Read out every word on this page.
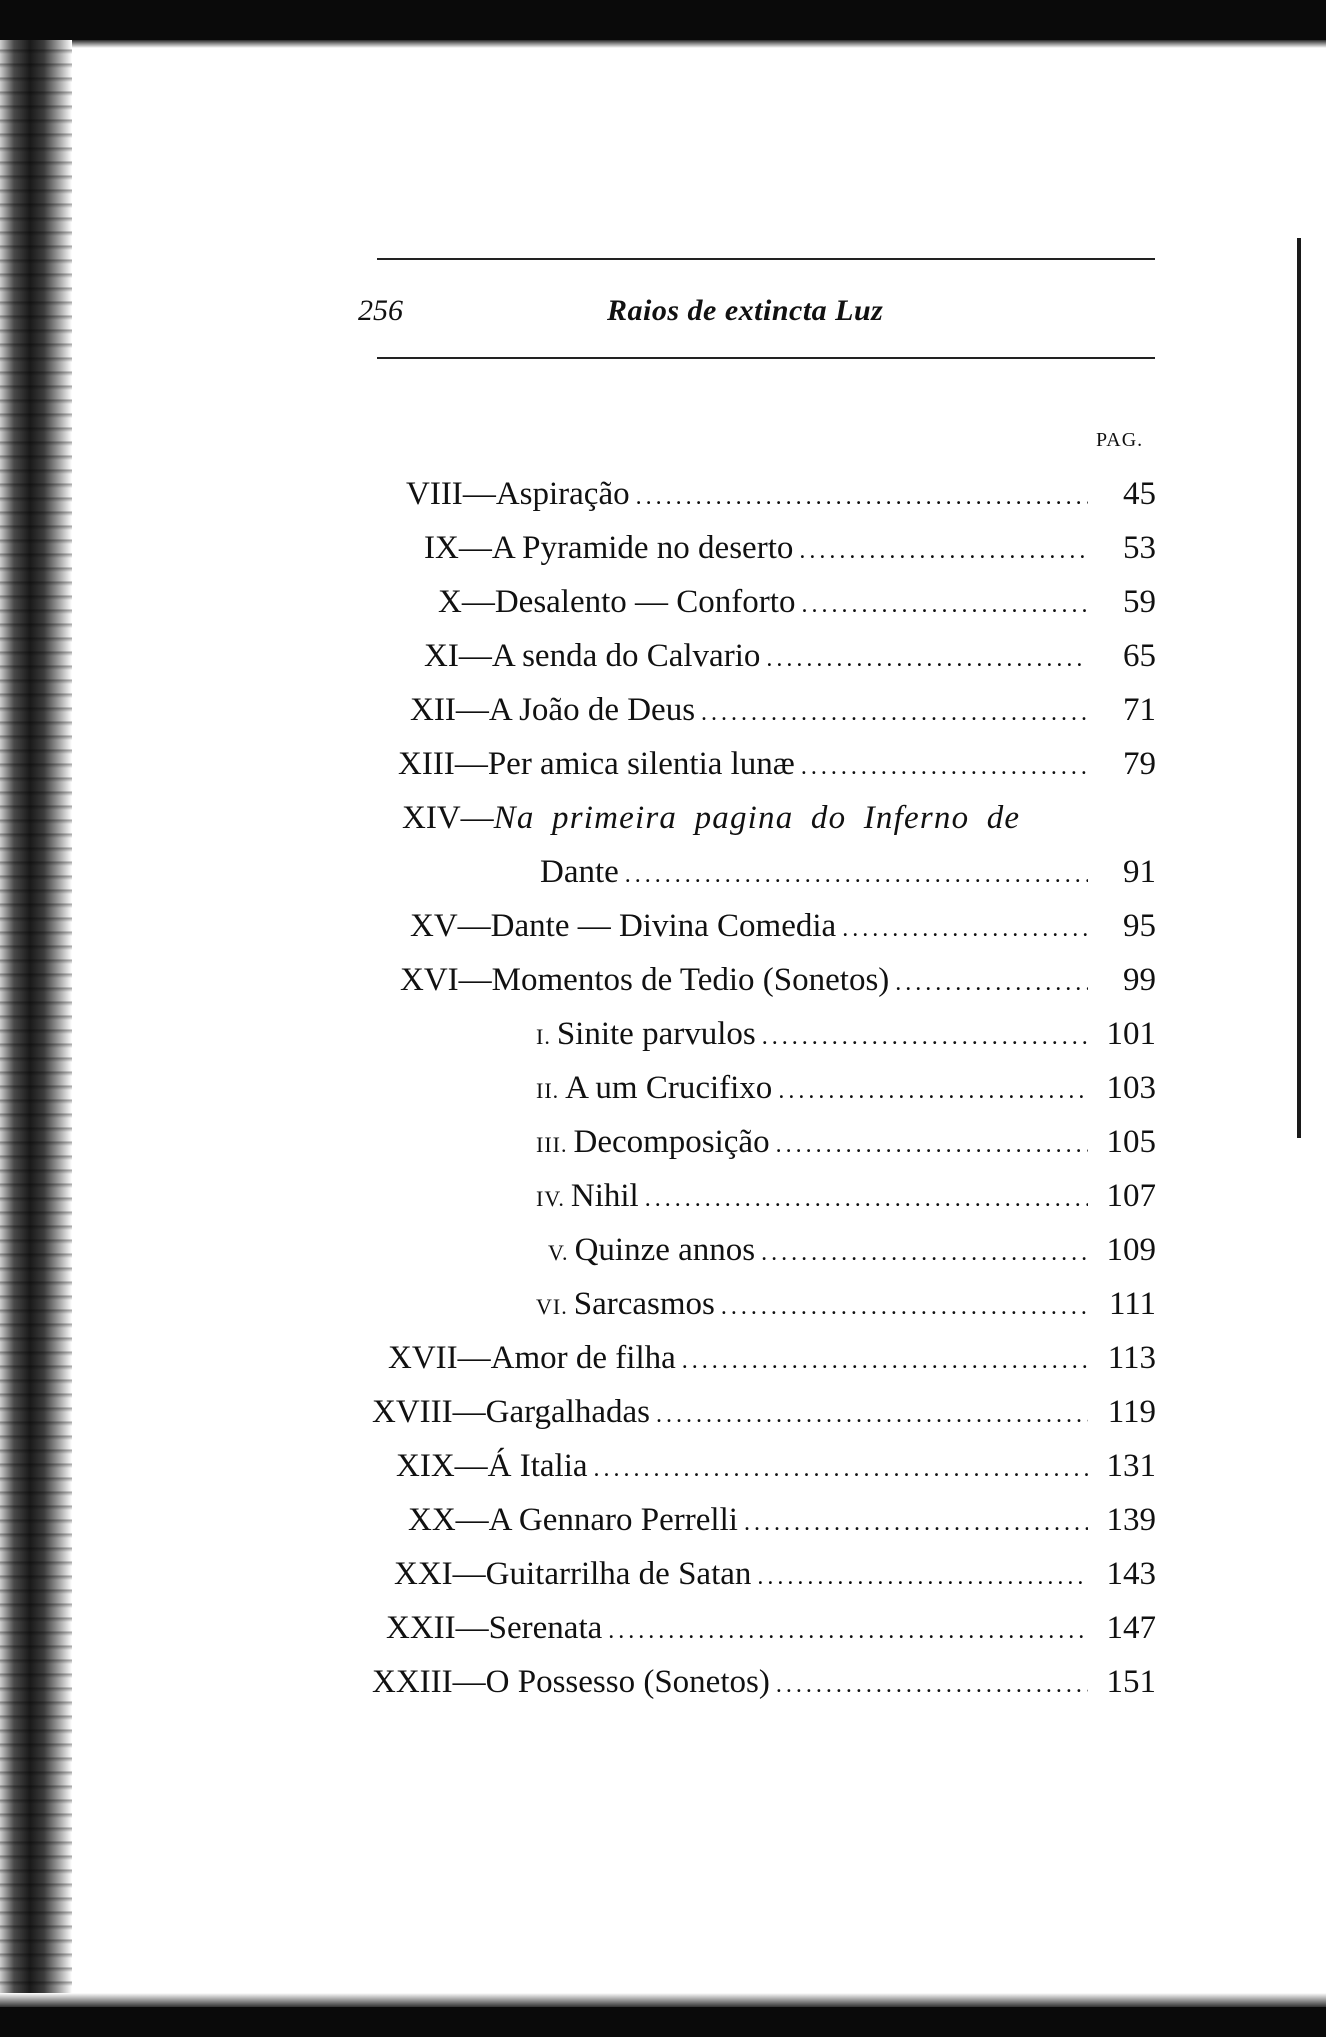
256	Raios de extincta Luz
PAG.
VIII — Aspiração .....	45
IX — A Pyramide no deserto .....	53
X — Desalento — Conforto .....	59
XI — A senda do Calvario .....	65
XII — A João de Deus .....	71
XIII — Per amica silentia lunæ .....	79
XIV — Na primeira pagina do Inferno de
Dante .....	91
XV — Dante — Divina Comedia .....	95
XVI — Momentos de Tedio (Sonetos) .....	99
I. Sinite parvulos .....	101
II. A um Crucifixo .....	103
III. Decomposição .....	105
IV. Nihil .....	107
V. Quinze annos .....	109
VI. Sarcasmos .....	111
XVII — Amor de filha .....	113
XVIII — Gargalhadas .....	119
XIX — Á Italia .....	131
XX — A Gennaro Perrelli .....	139
XXI — Guitarrilha de Satan .....	143
XXII — Serenata .....	147
XXIII — O Possesso (Sonetos) .....	151
